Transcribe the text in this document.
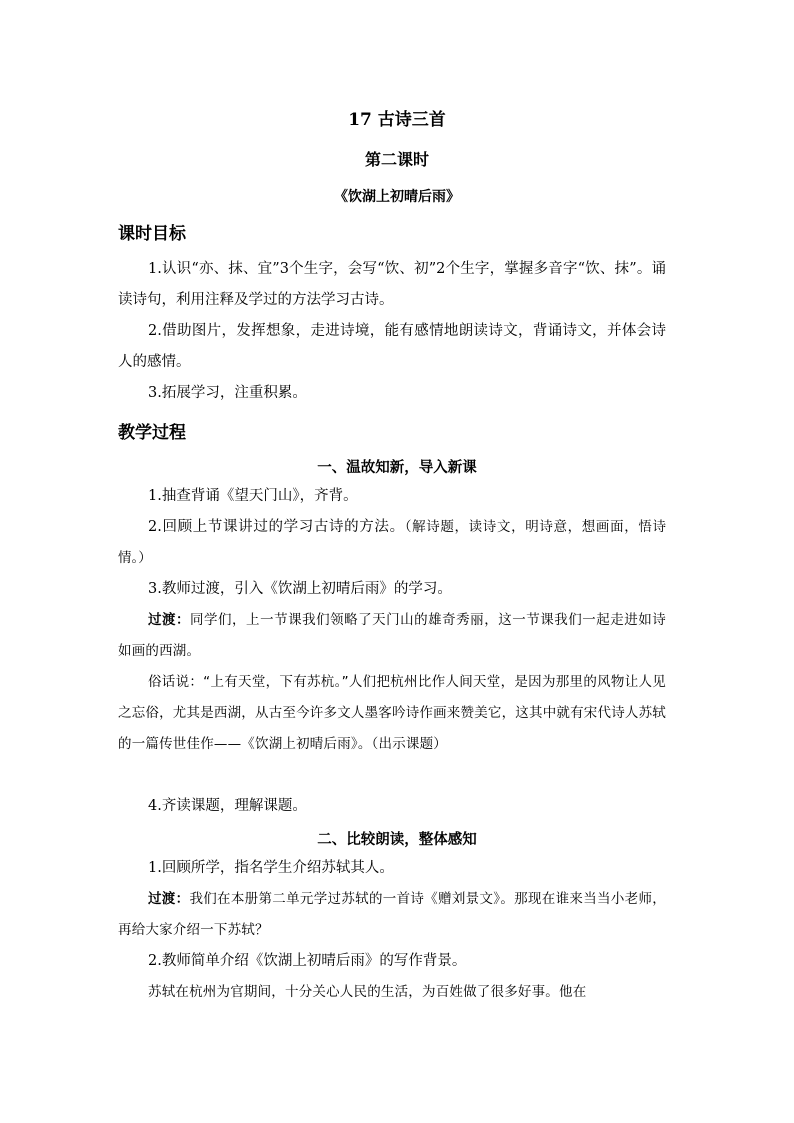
17 古诗三首
第二课时
《饮湖上初晴后雨》
课时目标
1.认识“亦、抹、宜”3个生字，会写“饮、初”2个生字，掌握多音字“饮、抹”。诵读诗句，利用注释及学过的方法学习古诗。
2.借助图片，发挥想象，走进诗境，能有感情地朗读诗文，背诵诗文，并体会诗人的感情。
3.拓展学习，注重积累。
教学过程
一、温故知新，导入新课
1.抽查背诵《望天门山》，齐背。
2.回顾上节课讲过的学习古诗的方法。（解诗题，读诗文，明诗意，想画面，悟诗情。）
3.教师过渡，引入《饮湖上初晴后雨》的学习。
过渡：同学们，上一节课我们领略了天门山的雄奇秀丽，这一节课我们一起走进如诗如画的西湖。
俗话说：“上有天堂，下有苏杭。”人们把杭州比作人间天堂，是因为那里的风物让人见之忘俗，尤其是西湖，从古至今许多文人墨客吟诗作画来赞美它，这其中就有宋代诗人苏轼的一篇传世佳作——《饮湖上初晴后雨》。（出示课题）
4.齐读课题，理解课题。
二、比较朗读，整体感知
1.回顾所学，指名学生介绍苏轼其人。
过渡：我们在本册第二单元学过苏轼的一首诗《赠刘景文》。那现在谁来当当小老师，再给大家介绍一下苏轼？
2.教师简单介绍《饮湖上初晴后雨》的写作背景。
苏轼在杭州为官期间，十分关心人民的生活，为百姓做了很多好事。他在
